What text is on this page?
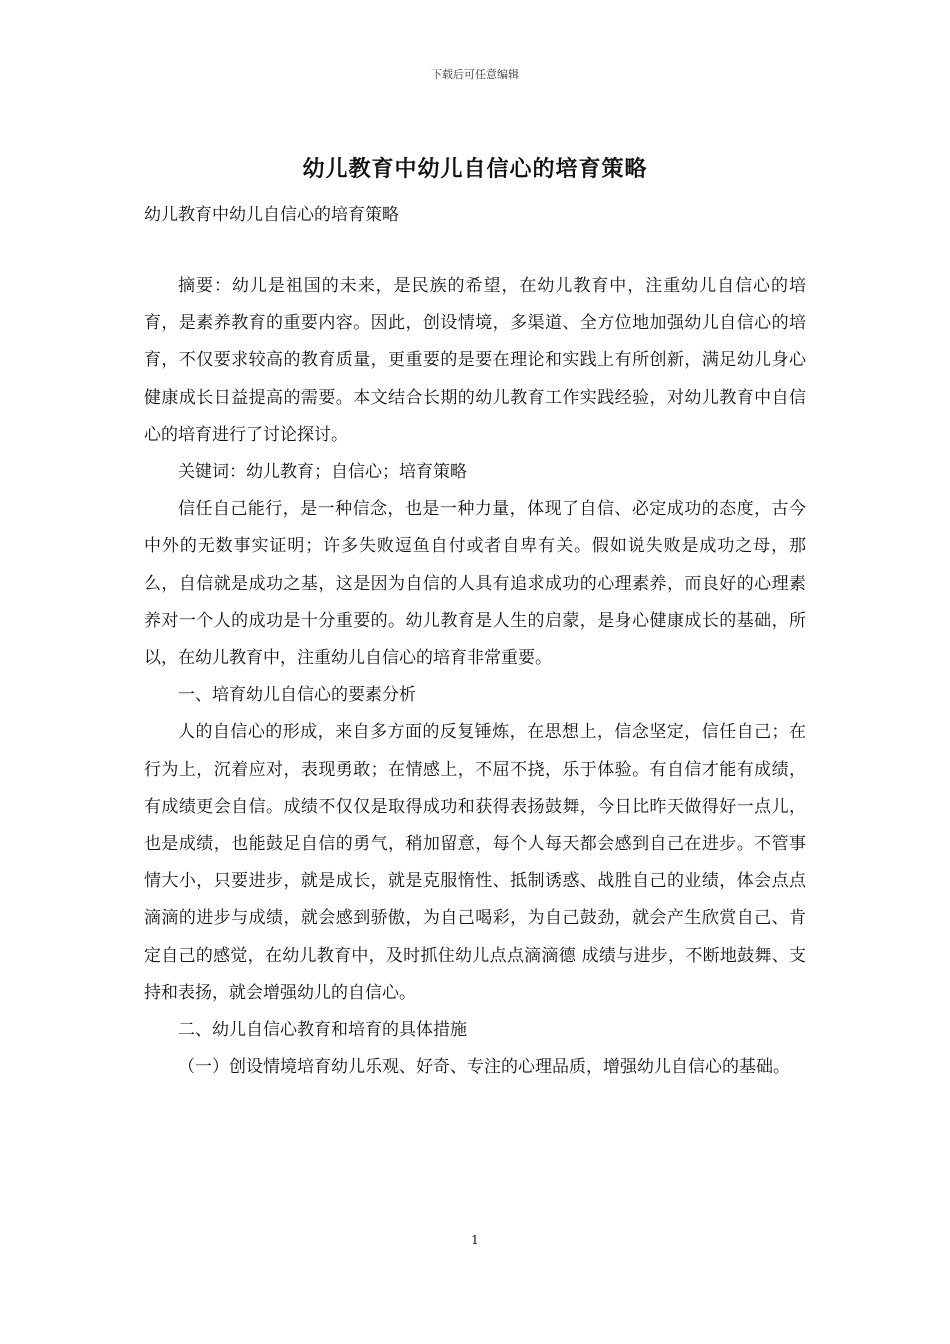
下载后可任意编辑
幼儿教育中幼儿自信心的培育策略
幼儿教育中幼儿自信心的培育策略

摘要：幼儿是祖国的未来，是民族的希望，在幼儿教育中，注重幼儿自信心的培育，是素养教育的重要内容。因此，创设情境，多渠道、全方位地加强幼儿自信心的培育，不仅要求较高的教育质量，更重要的是要在理论和实践上有所创新，满足幼儿身心健康成长日益提高的需要。本文结合长期的幼儿教育工作实践经验，对幼儿教育中自信心的培育进行了讨论探讨。

关键词：幼儿教育；自信心；培育策略

信任自己能行，是一种信念，也是一种力量，体现了自信、必定成功的态度，古今中外的无数事实证明；许多失败逗鱼自付或者自卑有关。假如说失败是成功之母，那么，自信就是成功之基，这是因为自信的人具有追求成功的心理素养，而良好的心理素养对一个人的成功是十分重要的。幼儿教育是人生的启蒙，是身心健康成长的基础，所以，在幼儿教育中，注重幼儿自信心的培育非常重要。

一、培育幼儿自信心的要素分析

人的自信心的形成，来自多方面的反复锤炼，在思想上，信念坚定，信任自己；在行为上，沉着应对，表现勇敢；在情感上，不屈不挠，乐于体验。有自信才能有成绩，有成绩更会自信。成绩不仅仅是取得成功和获得表扬鼓舞，今日比昨天做得好一点儿，也是成绩，也能鼓足自信的勇气，稍加留意，每个人每天都会感到自己在进步。不管事情大小，只要进步，就是成长，就是克服惰性、抵制诱惑、战胜自己的业绩，体会点点滴滴的进步与成绩，就会感到骄傲，为自己喝彩，为自己鼓劲，就会产生欣赏自己、肯定自己的感觉，在幼儿教育中，及时抓住幼儿点点滴滴德 成绩与进步，不断地鼓舞、支持和表扬，就会增强幼儿的自信心。

二、幼儿自信心教育和培育的具体措施

（一）创设情境培育幼儿乐观、好奇、专注的心理品质，增强幼儿自信心的基础。

1
